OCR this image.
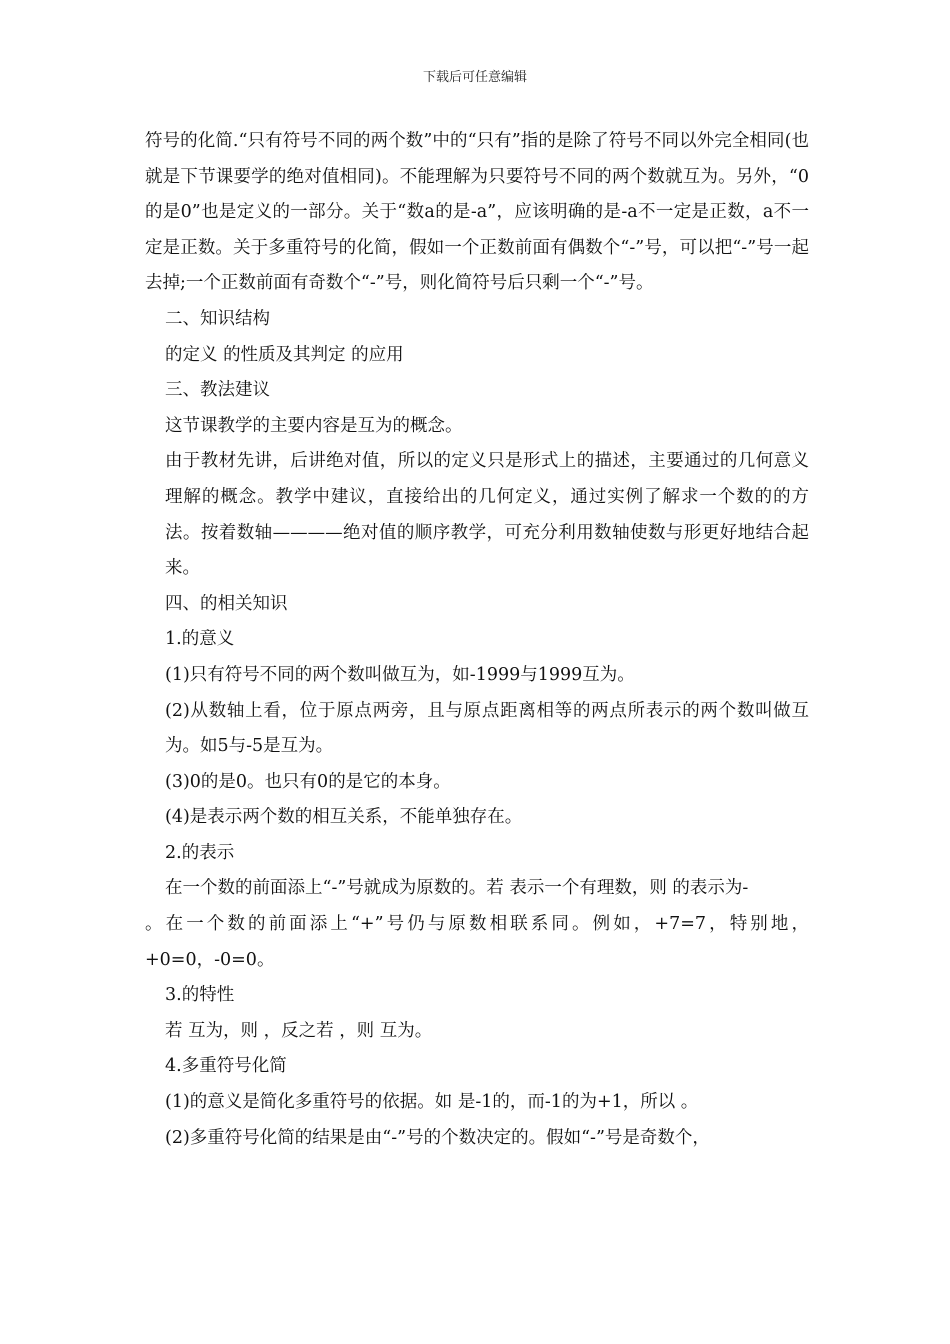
下载后可任意编辑

符号的化简.“只有符号不同的两个数”中的“只有”指的是除了符号不同以外完全相同(也就是下节课要学的绝对值相同)。不能理解为只要符号不同的两个数就互为。另外，“0的是0”也是定义的一部分。关于“数a的是-a”，应该明确的是-a不一定是正数，a不一定是正数。关于多重符号的化简，假如一个正数前面有偶数个“-”号，可以把“-”号一起去掉;一个正数前面有奇数个“-”号，则化简符号后只剩一个“-”号。

二、知识结构

的定义 的性质及其判定 的应用

三、教法建议

这节课教学的主要内容是互为的概念。

由于教材先讲，后讲绝对值，所以的定义只是形式上的描述，主要通过的几何意义理解的概念。教学中建议，直接给出的几何定义，通过实例了解求一个数的的方法。按着数轴————绝对值的顺序教学，可充分利用数轴使数与形更好地结合起来。

四、的相关知识

1.的意义

(1)只有符号不同的两个数叫做互为，如-1999与1999互为。

(2)从数轴上看，位于原点两旁，且与原点距离相等的两点所表示的两个数叫做互为。如5与-5是互为。

(3)0的是0。也只有0的是它的本身。

(4)是表示两个数的相互关系，不能单独存在。

2.的表示

在一个数的前面添上“-”号就成为原数的。若 表示一个有理数，则 的表示为-

。在一个数的前面添上“+”号仍与原数相联系同。例如，+7=7，特别地，+0=0，-0=0。

3.的特性

若 互为，则 ，反之若 ，则 互为。

4.多重符号化简

(1)的意义是简化多重符号的依据。如 是-1的，而-1的为+1，所以 。

(2)多重符号化简的结果是由“-”号的个数决定的。假如“-”号是奇数个，
